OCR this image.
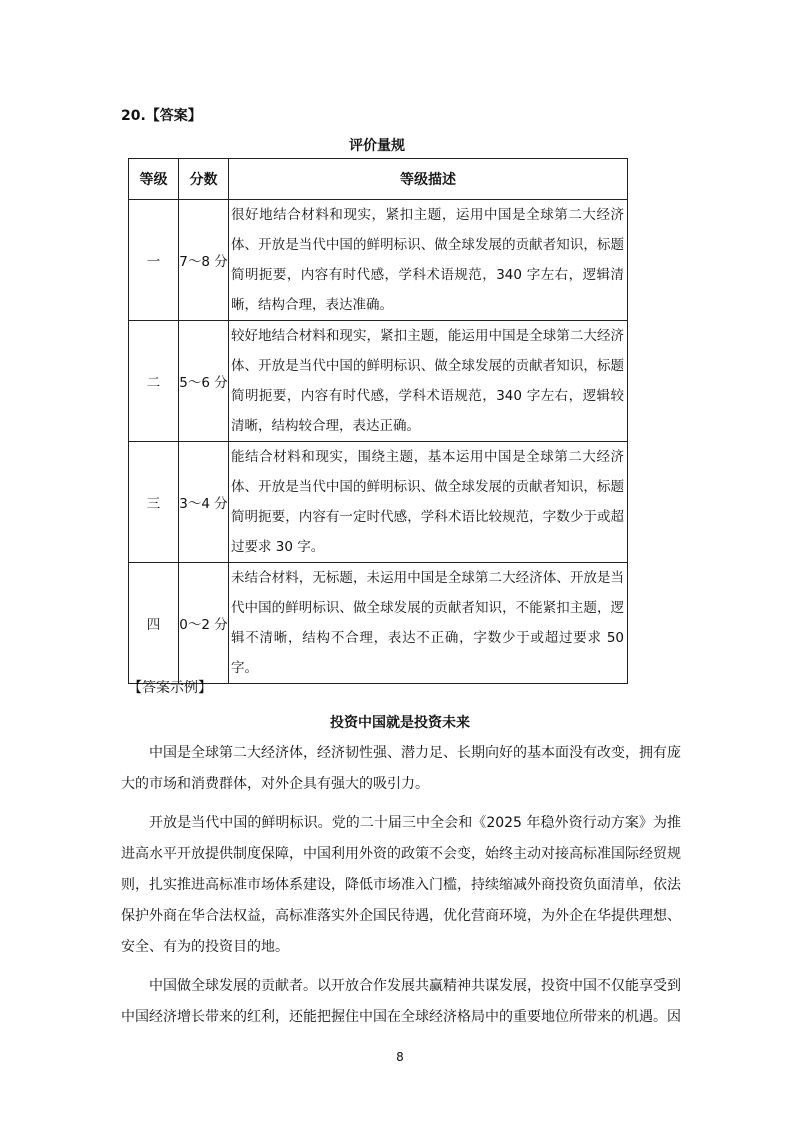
20.【答案】
评价量规
等级	分数	等级描述
一	7～8 分	很好地结合材料和现实，紧扣主题，运用中国是全球第二大经济体、开放是当代中国的鲜明标识、做全球发展的贡献者知识，标题简明扼要，内容有时代感，学科术语规范，340 字左右，逻辑清晰，结构合理，表达准确。
二	5～6 分	较好地结合材料和现实，紧扣主题，能运用中国是全球第二大经济体、开放是当代中国的鲜明标识、做全球发展的贡献者知识，标题简明扼要，内容有时代感，学科术语规范，340 字左右，逻辑较清晰，结构较合理，表达正确。
三	3～4 分	能结合材料和现实，围绕主题，基本运用中国是全球第二大经济体、开放是当代中国的鲜明标识、做全球发展的贡献者知识，标题简明扼要，内容有一定时代感，学科术语比较规范，字数少于或超过要求 30 字。
四	0～2 分	未结合材料，无标题，未运用中国是全球第二大经济体、开放是当代中国的鲜明标识、做全球发展的贡献者知识，不能紧扣主题，逻辑不清晰，结构不合理，表达不正确，字数少于或超过要求 50 字。
【答案示例】
投资中国就是投资未来

中国是全球第二大经济体，经济韧性强、潜力足、长期向好的基本面没有改变，拥有庞大的市场和消费群体，对外企具有强大的吸引力。

开放是当代中国的鲜明标识。党的二十届三中全会和《2025 年稳外资行动方案》为推进高水平开放提供制度保障，中国利用外资的政策不会变，始终主动对接高标准国际经贸规则，扎实推进高标准市场体系建设，降低市场准入门槛，持续缩减外商投资负面清单，依法保护外商在华合法权益，高标准落实外企国民待遇，优化营商环境，为外企在华提供理想、安全、有为的投资目的地。

中国做全球发展的贡献者。以开放合作发展共赢精神共谋发展，投资中国不仅能享受到中国经济增长带来的红利，还能把握住中国在全球经济格局中的重要地位所带来的机遇。因

8
